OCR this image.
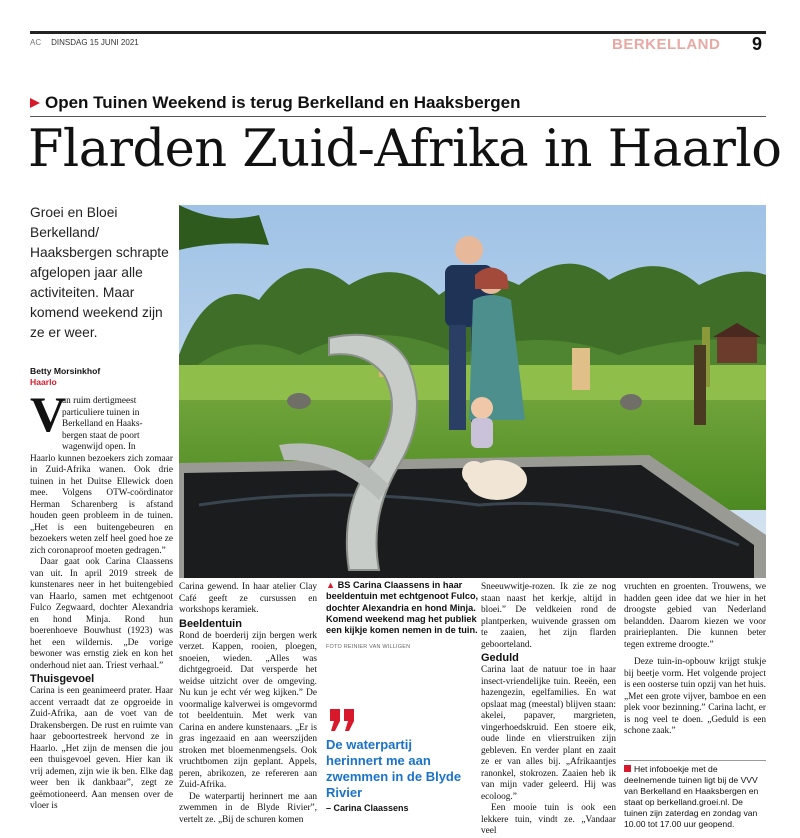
AC DINSDAG 15 JUNI 2021	BERKELLAND 9
Open Tuinen Weekend is terug Berkelland en Haaksbergen
Flarden Zuid-Afrika in Haarlo
Groei en Bloei Berkelland/ Haaksbergen schrapte afgelopen jaar alle activiteiten. Maar komend weekend zijn ze er weer.
Betty Morsinkhof
Haarlo
V
an ruim dertigmeest
particuliere tuinen in
Berkelland en Haaks-
bergen staat de poort
wagenwijd open. In

Haarlo kunnen bezoekers zich zomaar in Zuid-Afrika wanen. Ook drie tuinen in het Duitse Ellewick doen mee. Volgens OTW-coördinator Herman Scharenberg is afstand houden geen probleem in de tuinen. „Het is een buitengebeuren en bezoekers weten zelf heel goed hoe ze zich coronaproof moeten gedragen.”

Daar gaat ook Carina Claassens van uit. In april 2019 streek de kunstenares neer in het buitengebied van Haarlo, samen met echtgenoot Fulco Zegwaard, dochter Alexandria en hond Minja. Rond hun boerenhoeve Bouwhust (1923) was het een wildernis. „De vorige bewoner was ernstig ziek en kon het onderhoud niet aan. Triest verhaal.”

Thuisgevoel

Carina is een geanimeerd prater. Haar accent verraadt dat ze opgroeide in Zuid-Afrika, aan de voet van de Drakensbergen. De rust en ruimte van haar geboortestreek hervond ze in Haarlo. „Het zijn de mensen die jou een thuisgevoel geven. Hier kan ik vrij ademen, zijn wie ik ben. Elke dag weer ben ik dankbaar”, zegt ze geëmotioneerd. Aan mensen over de vloer is

Carina gewend. In haar atelier Clay Café geeft ze cursussen en workshops keramiek.

Beeldentuin

Rond de boerderij zijn bergen werk verzet. Kappen, rooien, ploegen, snoeien, wieden. „Alles was dichtgegroeid. Dat versperde het weidse uitzicht over de omgeving. Nu kun je echt vér weg kijken.” De voormalige kalverwei is omgevormd tot beeldentuin. Met werk van Carina en andere kunstenaars. „Er is gras ingezaaid en aan weerszijden stroken met bloemenmengsels. Ook vruchtbomen zijn geplant. Appels, peren, abrikozen, ze refereren aan Zuid-Afrika.

De waterpartij herinnert me aan zwemmen in de Blyde Rivier”, vertelt ze. „Bij de schuren komen

▲ BS Carina Claassens in haar beeldentuin met echtgenoot Fulco, dochter Alexandria en hond Minja. Komend weekend mag het publiek een kijkje komen nemen in de tuin.
FOTO REINIER VAN WILLIGEN
De waterpartij herinnert me aan zwemmen in de Blyde Rivier
– Carina Claassens

Sneeuwwitje-rozen. Ik zie ze nog staan naast het kerkje, altijd in bloei.” De veldkeien rond de plantperken, wuivende grassen om te zaaien, het zijn flarden geboorteland.

Geduld

Carina laat de natuur toe in haar insect-vriendelijke tuin. Reeën, een hazengezin, egelfamilies. En wat opslaat mag (meestal) blijven staan: akelei, papaver, margrieten, vingerhoedskruid. Een stoere eik, oude linde en vlierstruiken zijn gebleven. En verder plant en zaait ze er van alles bij. „Afrikaantjes ranonkel, stokrozen. Zaaien heb ik van mijn vader geleerd. Hij was ecoloog.”

Een mooie tuin is ook een lekkere tuin, vindt ze. „Vandaar veel

vruchten en groenten. Trouwens, we hadden geen idee dat we hier in het droogste gebied van Nederland belandden. Daarom kiezen we voor prairieplanten. Die kunnen beter tegen extreme droogte.”

Deze tuin-in-opbouw krijgt stukje bij beetje vorm. Het volgende project is een oosterse tuin opzij van het huis. „Met een grote vijver, bamboe en een plek voor bezinning.” Carina lacht, er is nog veel te doen. „Geduld is een schone zaak.”

Het infoboekje met de deelnemende tuinen ligt bij de VVV van Berkelland en Haaksbergen en staat op berkelland.groei.nl. De tuinen zijn zaterdag en zondag van 10.00 tot 17.00 uur geopend.
